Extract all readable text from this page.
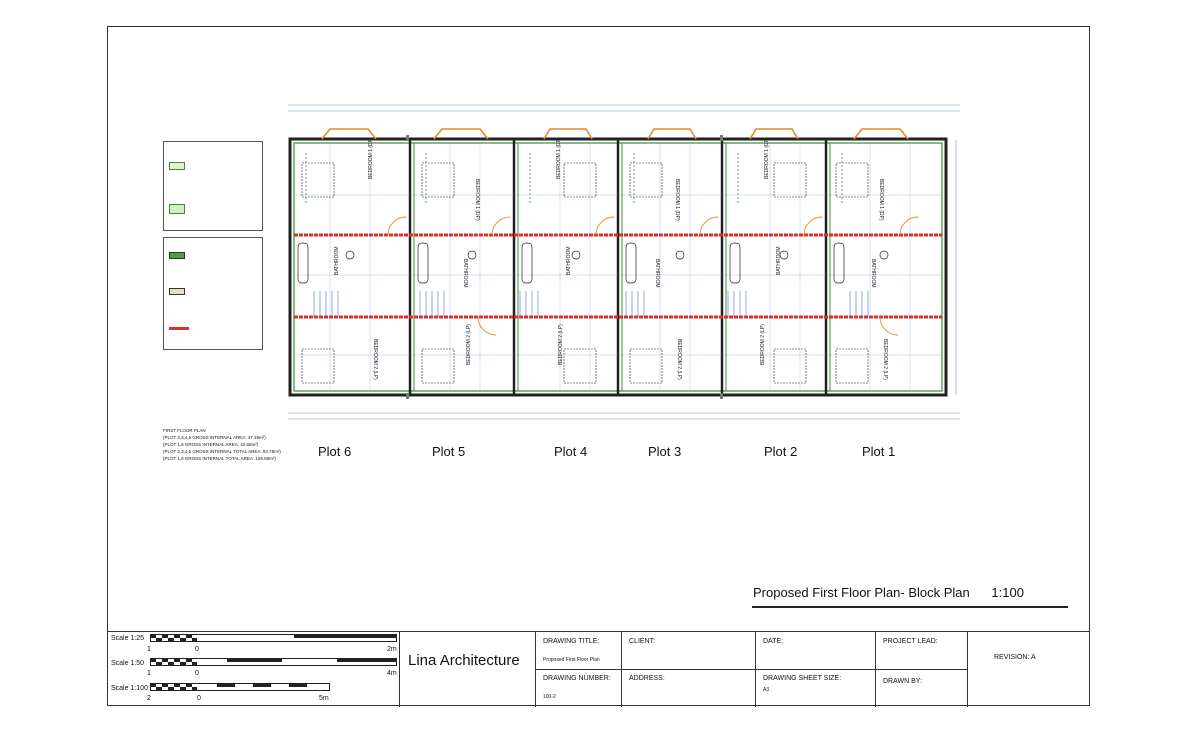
BEDROOM 1 (DP)
BEDROOM 1 (DP)
BEDROOM 1 (DP)
BEDROOM 1 (DP)
BEDROOM 1 (DP)
BEDROOM 1 (DP)
BATHROOM	BATHROOM	BATHROOM	BATHROOM	BATHROOM	BATHROOM
BEDROOM 2 (LP)	BEDROOM 2 (LP)	BEDROOM 2 (LP)	BEDROOM 2 (LP)	BEDROOM 2 (LP)	BEDROOM 2 (LP)
Plot 6	Plot 5	Plot 4	Plot 3	Plot 2	Plot 1
FIRST FLOOR PLAN
(PLOT 2,3,4,5 GROSS INTERNAL AREA: 47.19m²)
(PLOT 1,6 GROSS INTERNAL AREA: 42.65m²)
(PLOT 2,3,4,5 GROSS INTERNAL TOTAL AREA: 94.78m²)
(PLOT 1,6 GROSS INTERNAL TOTAL AREA: 106.59m²)
Proposed First Floor Plan- Block Plan 1:100
Scale 1:25
1	0	2m
Scale 1:50
1	0	4m
Scale 1:100
2	0	5m
Lina Architecture
DRAWING TITLE:
Proposed First Floor Plan
DRAWING NUMBER:
100-2
CLIENT:
ADDRESS:
DATE:
DRAWING SHEET SIZE:
A3
PROJECT LEAD:
DRAWN BY:
REVISION: A
